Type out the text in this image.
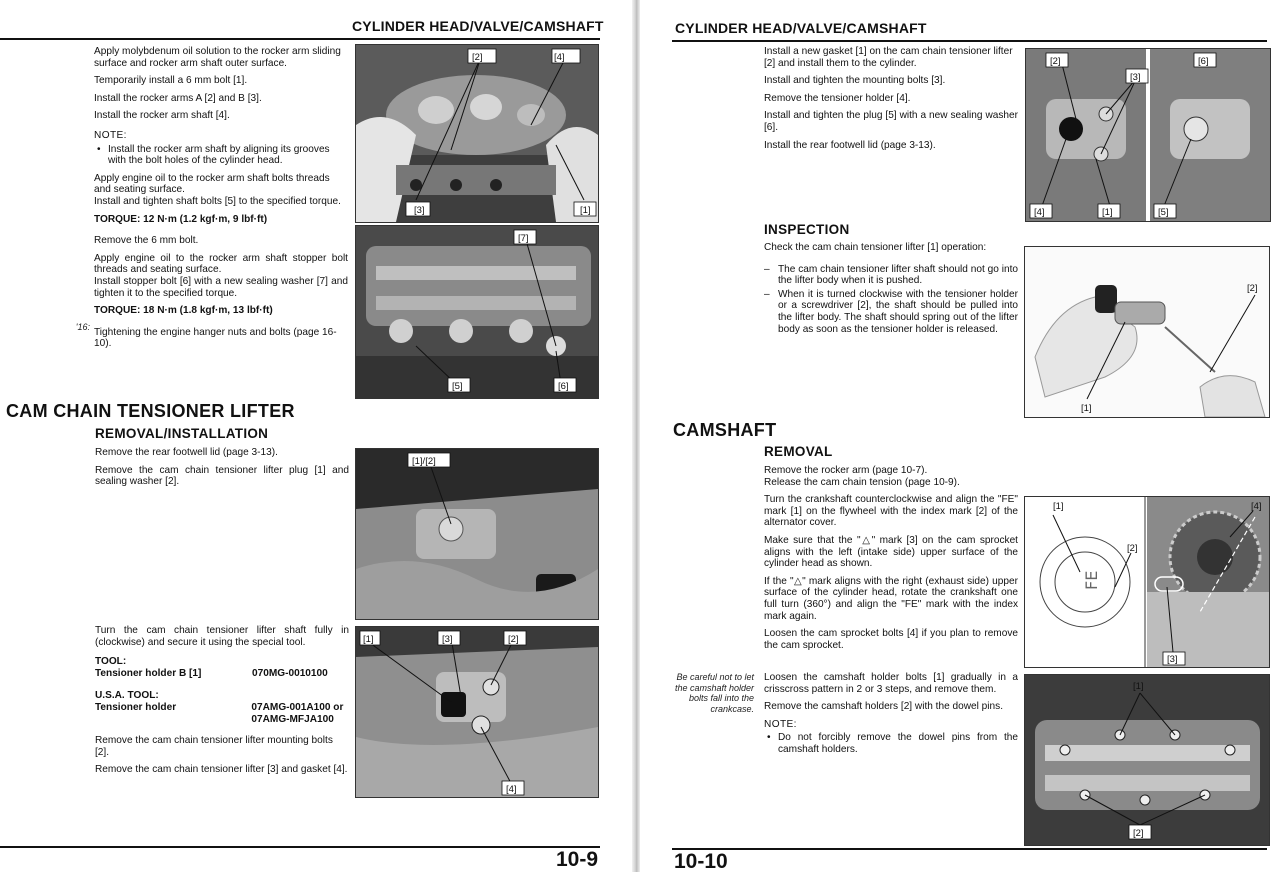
CYLINDER HEAD/VALVE/CAMSHAFT

Apply molybdenum oil solution to the rocker arm sliding surface and rocker arm shaft outer surface.

Temporarily install a 6 mm bolt [1].

Install the rocker arms A [2] and B [3].

Install the rocker arm shaft [4].

NOTE:
• Install the rocker arm shaft by aligning its grooves with the bolt holes of the cylinder head.
Apply engine oil to the rocker arm shaft bolts threads and seating surface.

Install and tighten shaft bolts [5] to the specified torque.

TORQUE: 12 N·m (1.2 kgf·m, 9 lbf·ft)

Remove the 6 mm bolt.

Apply engine oil to the rocker arm shaft stopper bolt threads and seating surface.

Install stopper bolt [6] with a new sealing washer [7] and tighten it to the specified torque.

TORQUE: 18 N·m (1.8 kgf·m, 13 lbf·ft)

Tightening the engine hanger nuts and bolts (page 16-10).

'16:
[2]	[4]
[3]	[1]
[7]
[5]	[6]
CAM CHAIN TENSIONER LIFTER
REMOVAL/INSTALLATION

Remove the rear footwell lid (page 3-13).

Remove the cam chain tensioner lifter plug [1] and sealing washer [2].

[1]/[2]

Turn the cam chain tensioner lifter shaft fully in (clockwise) and secure it using the special tool.

TOOL:
Tensioner holder B [1]	070MG-0010100
U.S.A. TOOL:
Tensioner holder	07AMG-001A100 or 07AMG-MFJA100

Remove the cam chain tensioner lifter mounting bolts [2].

Remove the cam chain tensioner lifter [3] and gasket [4].

[1]	[3]	[2]
[4]
10-9
CYLINDER HEAD/VALVE/CAMSHAFT

Install a new gasket [1] on the cam chain tensioner lifter [2] and install them to the cylinder.

Install and tighten the mounting bolts [3].

Remove the tensioner holder [4].

Install and tighten the plug [5] with a new sealing washer [6].

Install the rear footwell lid (page 3-13).

[2]
[3]
[6]
[4]	[1]	[5]
INSPECTION

Check the cam chain tensioner lifter [1] operation:

– The cam chain tensioner lifter shaft should not go into the lifter body when it is pushed.
– When it is turned clockwise with the tensioner holder or a screwdriver [2], the shaft should be pulled into the lifter body. The shaft should spring out of the lifter body as soon as the tensioner holder is released.
[2]
[1]
CAMSHAFT
REMOVAL
Remove the rocker arm (page 10-7).

Release the cam chain tension (page 10-9).

Turn the crankshaft counterclockwise and align the "FE" mark [1] on the flywheel with the index mark [2] of the alternator cover.

Make sure that the "△" mark [3] on the cam sprocket aligns with the left (intake side) upper surface of the cylinder head as shown.

If the "△" mark aligns with the right (exhaust side) upper surface of the cylinder head, rotate the crankshaft one full turn (360°) and align the "FE" mark with the index mark again.

Loosen the cam sprocket bolts [4] if you plan to remove the cam sprocket.

FE
[1]	[4]
[2]
[3]
Be careful not to let the camshaft holder bolts fall into the crankcase.

Loosen the camshaft holder bolts [1] gradually in a crisscross pattern in 2 or 3 steps, and remove them.

Remove the camshaft holders [2] with the dowel pins.

NOTE:
• Do not forcibly remove the dowel pins from the camshaft holders.
[1]
[2]
10-10
